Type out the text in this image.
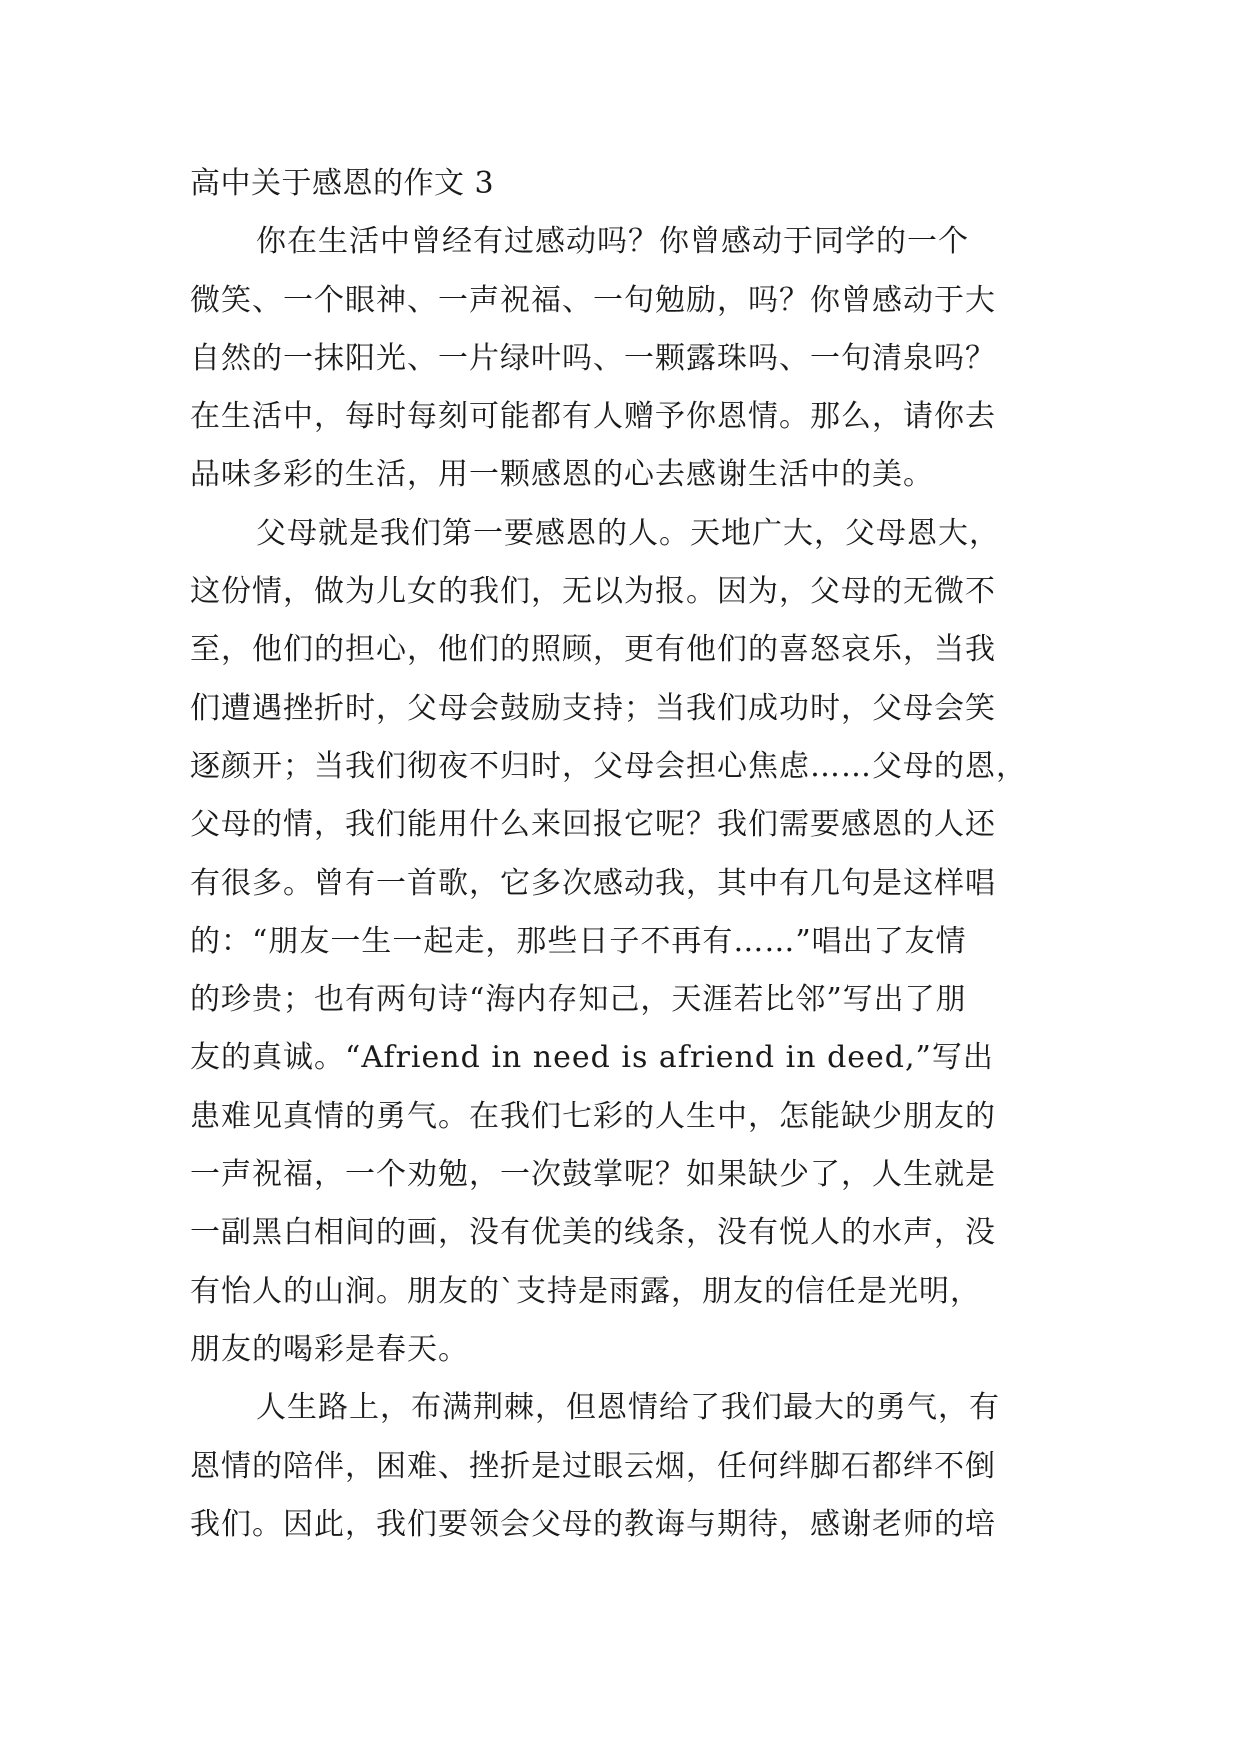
高中关于感恩的作文 3
你在生活中曾经有过感动吗？你曾感动于同学的一个
微笑、一个眼神、一声祝福、一句勉励，吗？你曾感动于大
自然的一抹阳光、一片绿叶吗、一颗露珠吗、一句清泉吗？
在生活中，每时每刻可能都有人赠予你恩情。那么，请你去
品味多彩的生活，用一颗感恩的心去感谢生活中的美。
父母就是我们第一要感恩的人。天地广大，父母恩大，
这份情，做为儿女的我们，无以为报。因为，父母的无微不
至，他们的担心，他们的照顾，更有他们的喜怒哀乐，当我
们遭遇挫折时，父母会鼓励支持；当我们成功时，父母会笑
逐颜开；当我们彻夜不归时，父母会担心焦虑……父母的恩，
父母的情，我们能用什么来回报它呢？我们需要感恩的人还
有很多。曾有一首歌，它多次感动我，其中有几句是这样唱
的：“朋友一生一起走，那些日子不再有……”唱出了友情
的珍贵；也有两句诗“海内存知己，天涯若比邻”写出了朋
友的真诚。“Afriend in need is afriend in deed,”写出
患难见真情的勇气。在我们七彩的人生中，怎能缺少朋友的
一声祝福，一个劝勉，一次鼓掌呢？如果缺少了，人生就是
一副黑白相间的画，没有优美的线条，没有悦人的水声，没
有怡人的山涧。朋友的`支持是雨露，朋友的信任是光明，
朋友的喝彩是春天。
人生路上，布满荆棘，但恩情给了我们最大的勇气，有
恩情的陪伴，困难、挫折是过眼云烟，任何绊脚石都绊不倒
我们。因此，我们要领会父母的教诲与期待，感谢老师的培
